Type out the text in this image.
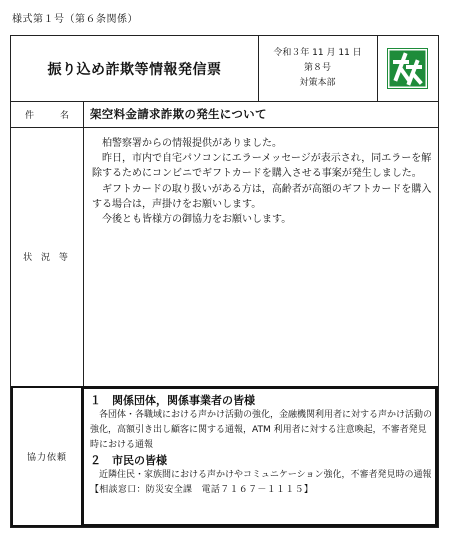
様式第１号（第６条関係）
振り込め詐欺等情報発信票
令和３年 11 月 11 日
第８号
対策本部
件	名 架空料金請求詐欺の発生について
状 況 等

柏警察署からの情報提供がありました。

昨日，市内で自宅パソコンにエラーメッセージが表示され，同エラーを解除するためにコンビニでギフトカードを購入させる事案が発生しました。

ギフトカードの取り扱いがある方は，高齢者が高額のギフトカードを購入する場合は，声掛けをお願いします。

今後とも皆様方の御協力をお願いします。

協力依頼

１ 関係団体，関係事業者の皆様

各団体・各職域における声かけ活動の強化，金融機関利用者に対する声かけ活動の強化，高額引き出し顧客に関する通報，ATM 利用者に対する注意喚起，不審者発見時における通報

２ 市民の皆様

近隣住民・家族間における声かけやコミュニケーション強化，不審者発見時の通報

【相談窓口：防災安全課　電話７１６７－１１１５】
